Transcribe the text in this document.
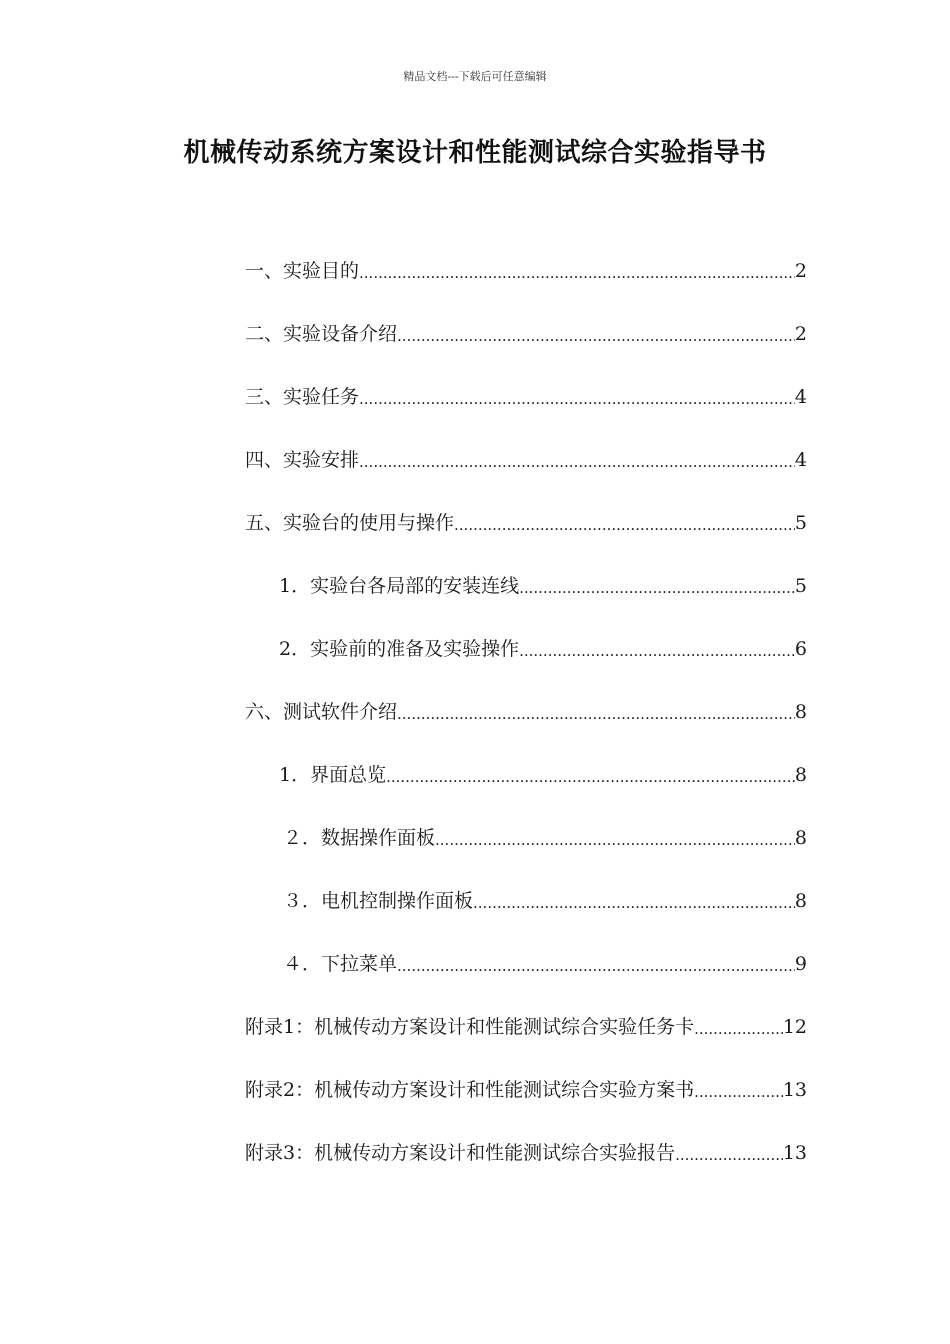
精品文档---下载后可任意编辑
机械传动系统方案设计和性能测试综合实验指导书
一、实验目的 .....	2
二、实验设备介绍 .....	2
三、实验任务 .....	4
四、实验安排 .....	4
五、实验台的使用与操作 .....	5
1．实验台各局部的安装连线 .....	5
2．实验前的准备及实验操作 .....	6
六、测试软件介绍 .....	8
1．界面总览 .....	8
２．数据操作面板 .....	8
３．电机控制操作面板 .....	8
４．下拉菜单 .....	9
附录1：机械传动方案设计和性能测试综合实验任务卡 .....	12
附录2：机械传动方案设计和性能测试综合实验方案书 .....	13
附录3：机械传动方案设计和性能测试综合实验报告 .....	13
